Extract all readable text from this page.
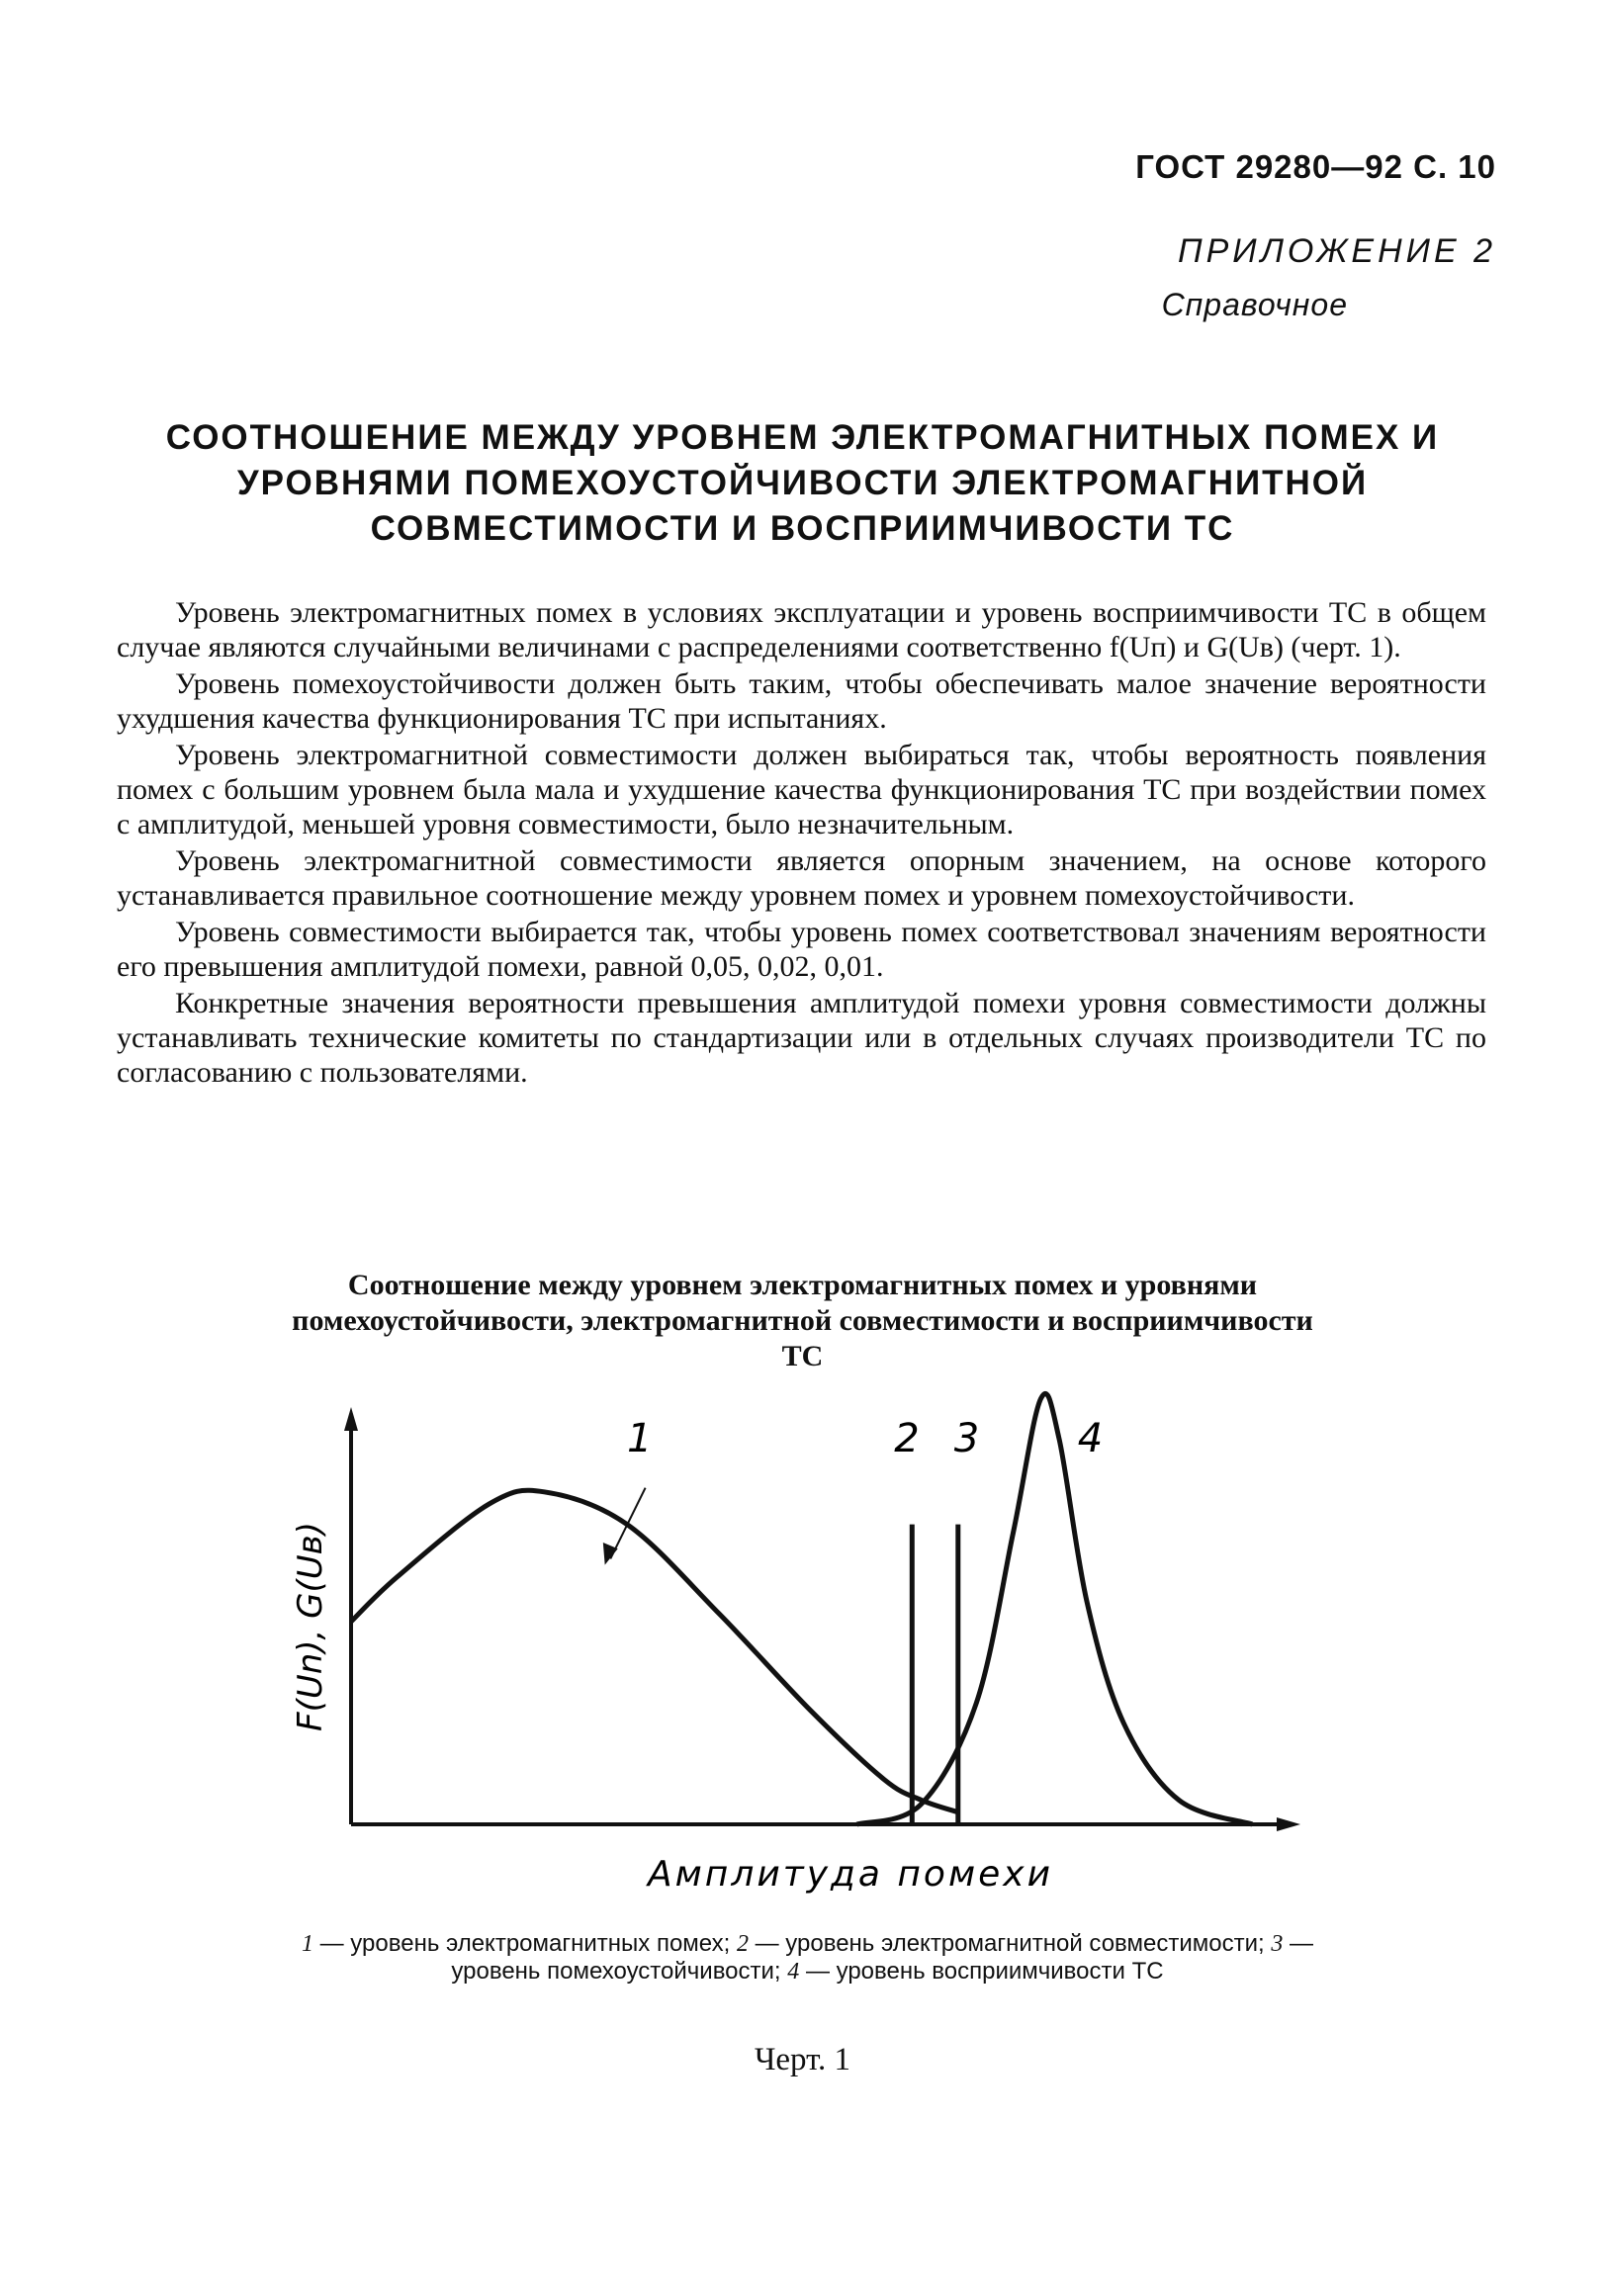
ГОСТ 29280—92 С. 10
ПРИЛОЖЕНИЕ 2
Справочное
СООТНОШЕНИЕ МЕЖДУ УРОВНЕМ ЭЛЕКТРОМАГНИТНЫХ ПОМЕХ И
УРОВНЯМИ ПОМЕХОУСТОЙЧИВОСТИ ЭЛЕКТРОМАГНИТНОЙ
СОВМЕСТИМОСТИ И ВОСПРИИМЧИВОСТИ ТС

Уровень электромагнитных помех в условиях эксплуатации и уровень восприимчивости ТС в общем случае являются случайными величинами с распределениями соответственно f(Uп) и G(Uв) (черт. 1).

Уровень помехоустойчивости должен быть таким, чтобы обеспечивать малое значение вероятности ухудшения качества функционирования ТС при испытаниях.

Уровень электромагнитной совместимости должен выбираться так, чтобы вероятность появления помех с большим уровнем была мала и ухудшение качества функционирования ТС при воздействии помех с амплитудой, меньшей уровня совместимости, было незначительным.

Уровень электромагнитной совместимости является опорным значением, на основе которого устанавливается правильное соотношение между уровнем помех и уровнем помехоустойчивости.

Уровень совместимости выбирается так, чтобы уровень помех соответствовал значениям вероятности его превышения амплитудой помехи, равной 0,05, 0,02, 0,01.

Конкретные значения вероятности превышения амплитудой помехи уровня совместимости должны устанавливать технические комитеты по стандартизации или в отдельных случаях производители ТС по согласованию с пользователями.

Соотношение между уровнем электромагнитных помех и уровнями помехоустойчивости, электромагнитной совместимости и восприимчивости ТС
1	2 3 4
Амплитуда помехи
F(Un), G(Uв)
1 — уровень электромагнитных помех; 2 — уровень электромагнитной совместимости; 3 — уровень помехоустойчивости; 4 — уровень восприимчивости ТС
Черт. 1
